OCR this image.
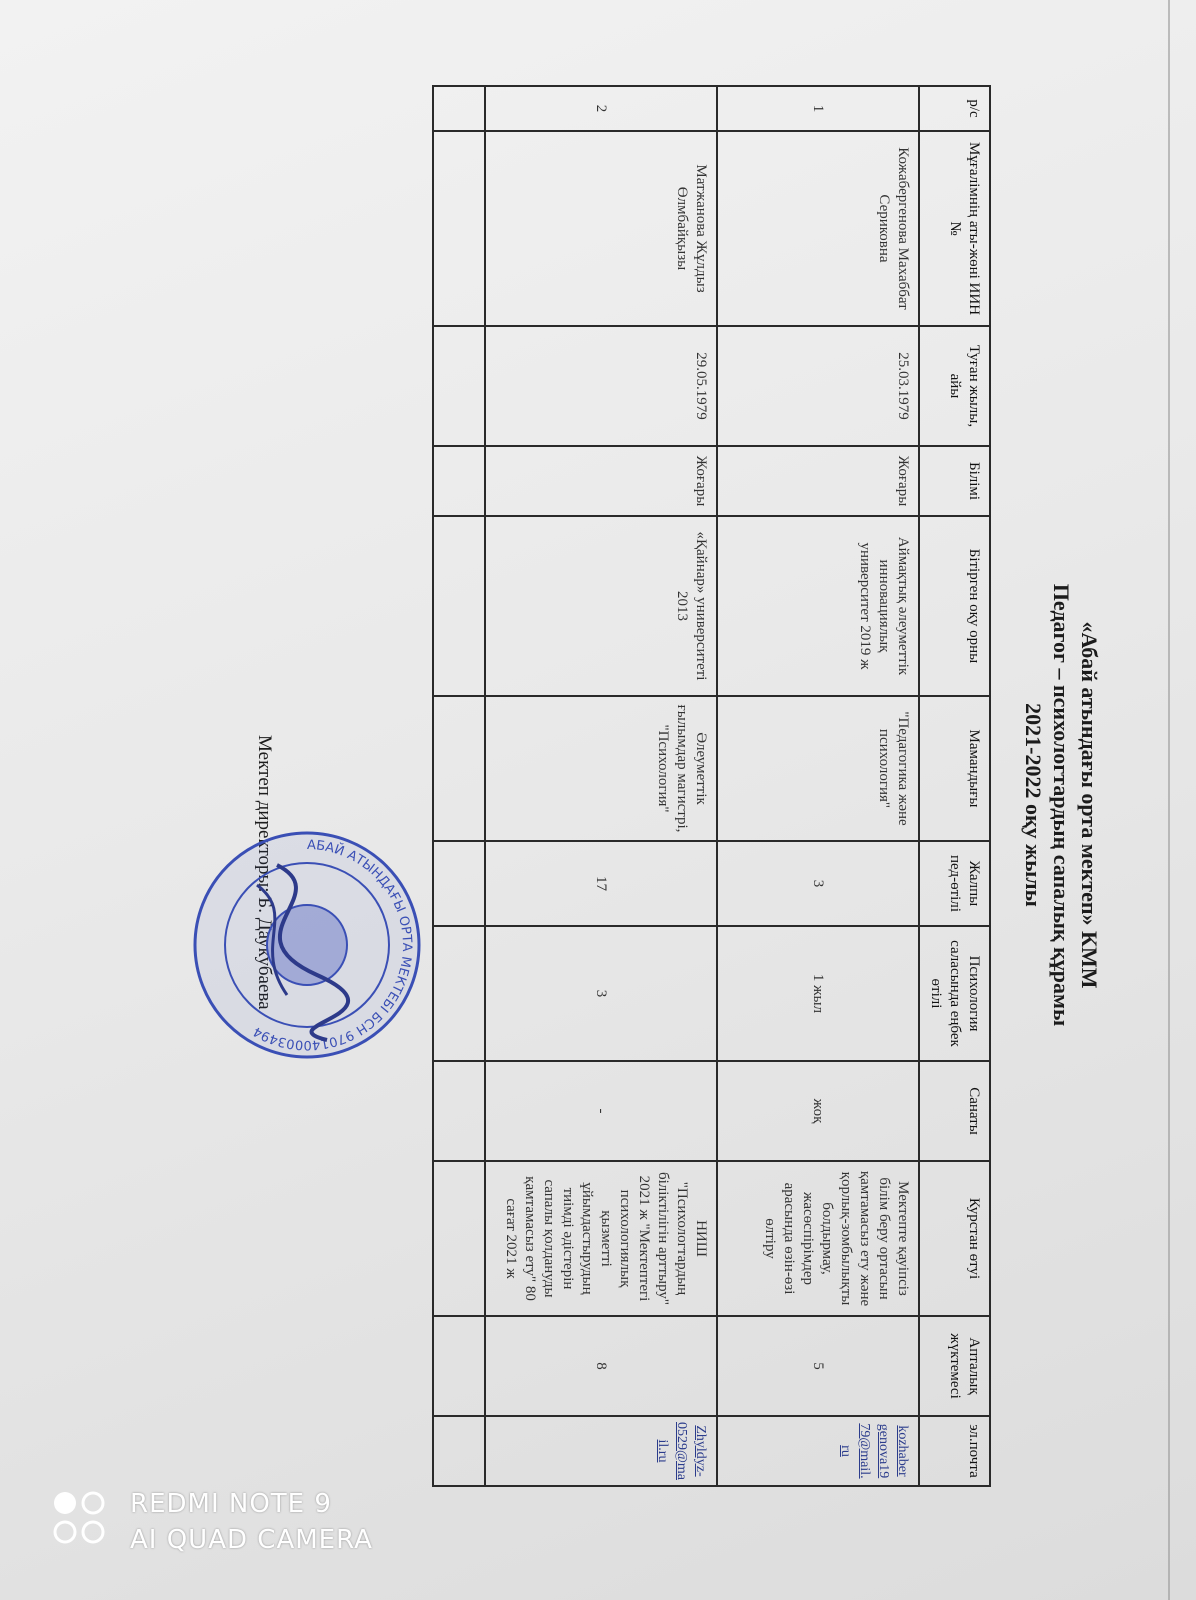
«Абай атындағы орта мектеп» КММ
Педагог – психологтардың сапалық құрамы
2021-2022 оқу жылы
р/с	Мұғалімнің аты-жөні ИИН №	Туған жылы, айы	Білімі	Бітірген оқу орны	Мамандығы	Жалпы пед-өтілі	Психология саласында еңбек өтілі	Санаты	Курстан өтуі	Апталық жүктемесі	эл.почта
1	Кожабергенова Махаббат Сериковна	25.03.1979	Жоғары	Аймақтық әлеуметтік инновациялық университет 2019 ж	"Педагогика және психология"	3	1 жыл	жоқ	Мектепте қауіпсіз білім беру ортасын қамтамасыз ету және қорлық-зомбылықты болдырмау, жасөспірімдер арасында өзін-өзі өлтіру	5	kozhabergenova1979@mail.ru
2	Матжанова Жұлдыз Өлмбайқызы	29.05.1979	Жоғары	«Қайнар» университеті 2013	Әлеуметтік ғылымдар магистрі, "Психология"	17	3	-	НИШ "Психологтардың біліктілігін арттыру" 2021 ж "Мектептегі психологиялық қызметті ұйымдастырудың тиімді әдістерін сапалы қолдануды қамтамасыз ету" 80 сағат 2021 ж	8	Zhyldyz-0529@mail.ru

АБАЙ АТЫНДАҒЫ ОРТА МЕКТЕБІ БСН 970140003494
REDMI NOTE 9
AI QUAD CAMERA
